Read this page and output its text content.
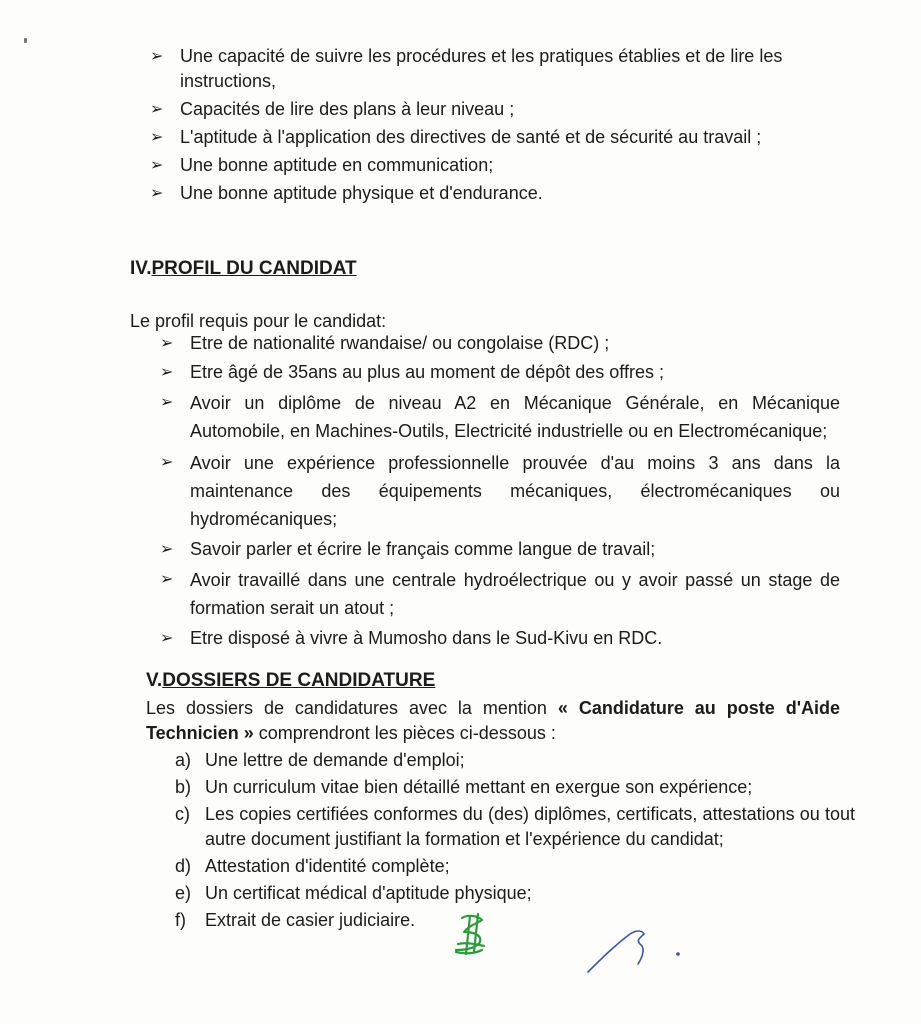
➢ Une capacité de suivre les procédures et les pratiques établies et de lire les instructions,
➢ Capacités de lire des plans à leur niveau ;
➢ L'aptitude à l'application des directives de santé et de sécurité au travail ;
➢ Une bonne aptitude en communication;
➢ Une bonne aptitude physique et d'endurance.
IV.PROFIL DU CANDIDAT
Le profil requis pour le candidat:
➢ Etre de nationalité rwandaise/ ou congolaise (RDC) ;
➢ Etre âgé de 35ans au plus au moment de dépôt des offres ;
➢ Avoir un diplôme de niveau A2 en Mécanique Générale, en Mécanique Automobile, en Machines-Outils, Electricité industrielle ou en Electromécanique;
➢ Avoir une expérience professionnelle prouvée d'au moins 3 ans dans la maintenance des équipements mécaniques, électromécaniques ou hydromécaniques;
➢ Savoir parler et écrire le français comme langue de travail;
➢ Avoir travaillé dans une centrale hydroélectrique ou y avoir passé un stage de formation serait un atout ;
➢ Etre disposé à vivre à Mumosho dans le Sud-Kivu en RDC.
V.DOSSIERS DE CANDIDATURE
Les dossiers de candidatures avec la mention « Candidature au poste d'Aide Technicien » comprendront les pièces ci-dessous :
a) Une lettre de demande d'emploi;
b) Un curriculum vitae bien détaillé mettant en exergue son expérience;
c) Les copies certifiées conformes du (des) diplômes, certificats, attestations ou tout autre document justifiant la formation et l'expérience du candidat;
d) Attestation d'identité complète;
e) Un certificat médical d'aptitude physique;
f) Extrait de casier judiciaire.
